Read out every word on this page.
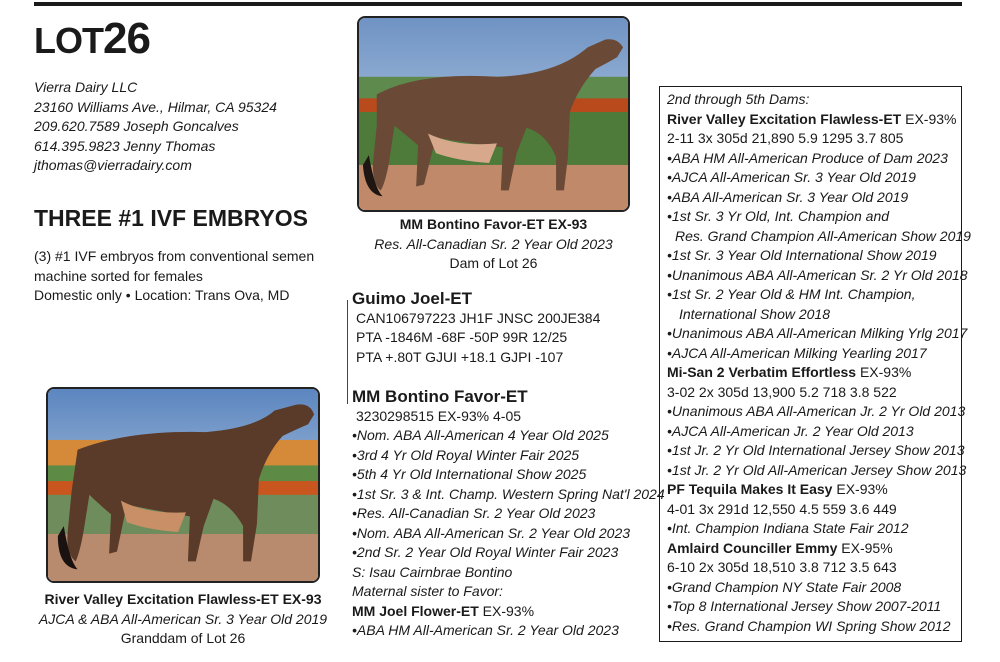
LOT26
Vierra Dairy LLC
23160 Williams Ave., Hilmar, CA 95324
209.620.7589 Joseph Goncalves
614.395.9823 Jenny Thomas
jthomas@vierradairy.com
THREE #1 IVF EMBRYOS
(3) #1 IVF embryos from conventional semen
machine sorted for females
Domestic only • Location: Trans Ova, MD
MM Bontino Favor-ET EX-93
Res. All-Canadian Sr. 2 Year Old 2023
Dam of Lot 26
River Valley Excitation Flawless-ET EX-93
AJCA & ABA All-American Sr. 3 Year Old 2019
Granddam of Lot 26
Guimo Joel-ET
CAN106797223 JH1F JNSC 200JE384
PTA -1846M -68F -50P 99R 12/25
PTA +.80T GJUI +18.1 GJPI -107
MM Bontino Favor-ET
3230298515 EX-93% 4-05
•Nom. ABA All-American 4 Year Old 2025
•3rd 4 Yr Old Royal Winter Fair 2025
•5th 4 Yr Old International Show 2025
•1st Sr. 3 & Int. Champ. Western Spring Nat'l 2024
•Res. All-Canadian Sr. 2 Year Old 2023
•Nom. ABA All-American Sr. 2 Year Old 2023
•2nd Sr. 2 Year Old Royal Winter Fair 2023
S: Isau Cairnbrae Bontino
Maternal sister to Favor:
MM Joel Flower-ET EX-93%
•ABA HM All-American Sr. 2 Year Old 2023
2nd through 5th Dams:
River Valley Excitation Flawless-ET EX-93%
2-11 3x 305d 21,890 5.9 1295 3.7 805
•ABA HM All-American Produce of Dam 2023
•AJCA All-American Sr. 3 Year Old 2019
•ABA All-American Sr. 3 Year Old 2019
•1st Sr. 3 Yr Old, Int. Champion and
Res. Grand Champion All-American Show 2019
•1st Sr. 3 Year Old International Show 2019
•Unanimous ABA All-American Sr. 2 Yr Old 2018
•1st Sr. 2 Year Old & HM Int. Champion,
International Show 2018
•Unanimous ABA All-American Milking Yrlg 2017
•AJCA All-American Milking Yearling 2017
Mi-San 2 Verbatim Effortless EX-93%
3-02 2x 305d 13,900 5.2 718 3.8 522
•Unanimous ABA All-American Jr. 2 Yr Old 2013
•AJCA All-American Jr. 2 Year Old 2013
•1st Jr. 2 Yr Old International Jersey Show 2013
•1st Jr. 2 Yr Old All-American Jersey Show 2013
PF Tequila Makes It Easy EX-93%
4-01 3x 291d 12,550 4.5 559 3.6 449
•Int. Champion Indiana State Fair 2012
Amlaird Counciller Emmy EX-95%
6-10 2x 305d 18,510 3.8 712 3.5 643
•Grand Champion NY State Fair 2008
•Top 8 International Jersey Show 2007-2011
•Res. Grand Champion WI Spring Show 2012
